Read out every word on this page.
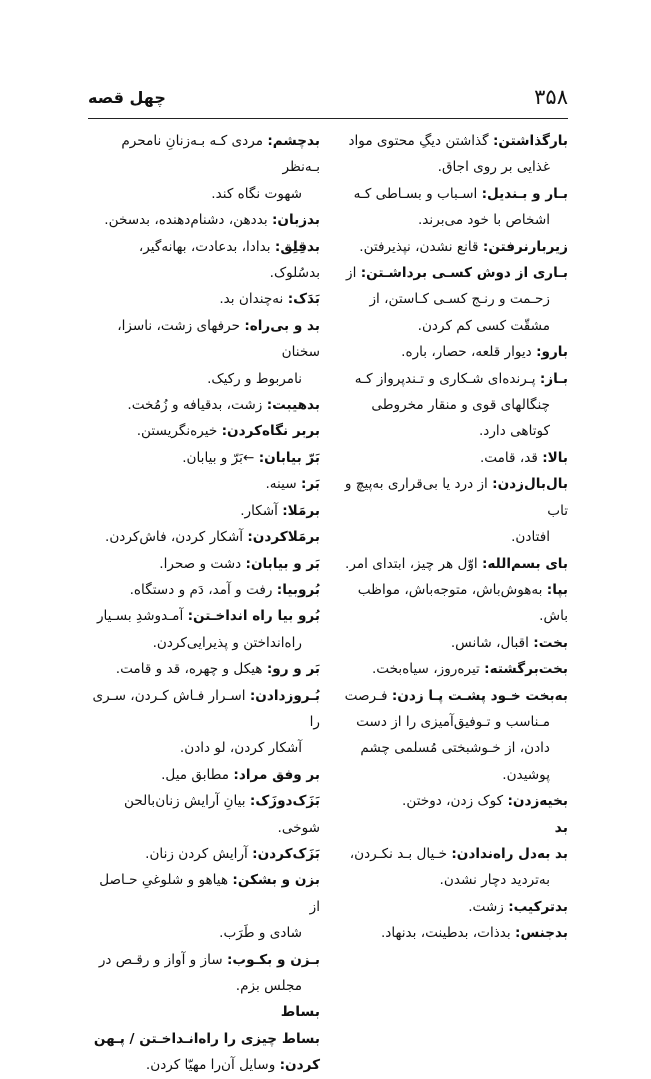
۳۵۸
چهل قصه

بارگذاشتن: گذاشتن دیگِ محتوی مواد
غذایی بر روی اجاق.

بـار و بـندیل: اسـباب و بسـاطی کـه
اشخاص با خود می‌برند.

زیربارنرفتن: قانع نشدن، نپذیرفتن.

بـاری از دوش کسـی برداشـتن: از
زحـمت و رنـج کسـی کـاستن، از مشقّت کسی کم کردن.

بارو: دیوار قلعه، حصار، باره.

بـاز: پـرنده‌ای شـکاری و تـندپرواز کـه
چنگالهای قوی و منقار مخروطی کوتاهی دارد.

بالا: قد، قامت.

بال‌بال‌زدن: از درد یا بی‌قراری به‌پیچ و تاب
افتادن.

بای بسم‌الله: اوّل هر چیز، ابتدای امر.

بپا: به‌هوش‌باش، متوجه‌باش، مواظب باش.

بخت: اقبال، شانس.

بخت‌برگشته: تیره‌روز، سیاه‌بخت.

به‌بخت خـود پشـت پـا زدن: فـرصت
مـناسب و تـوفیق‌آمیزی را از دست دادن، از خـوشبختی مُسلمی چشم پوشیدن.

بخیه‌زدن: کوک زدن، دوختن.

بد

بد به‌دل راه‌ندادن: خـیال بـد نکـردن،
به‌تردید دچار نشدن.

بدترکیب: زشت.

بدجنس: بدذات، بدطینت، بدنهاد.

بدچشم: مردی کـه بـه‌زنانِ نامحرم بـه‌نظر
شهوت نگاه کند.

بدزبان: بددهن، دشنام‌دهنده، بدسخن.

بدقِلِق: بدادا، بدعادت، بهانه‌گیر، بدسُلوک.

بَدَک: نه‌چندان بد.

بد و بی‌راه: حرفهای زشت، ناسزا، سخنان
نامربوط و رکیک.

بدهیبت: زشت، بدقیافه و زُمُخت.

بربر نگاه‌کردن: خیره‌نگریستن.

بَرّ بیابان: ←بَرّ و بیابان.

بَر: سینه.

برمَلا: آشکار.

برمَلاکردن: آشکار کردن، فاش‌کردن.

بَر و بیابان: دشت و صحرا.

بُروبیا: رفت و آمد، دَم و دستگاه.

بُرو بیا راه انداخـتن: آمـدوشدِ بسـیار
راه‌انداختن و پذیرایی‌کردن.

بَر و رو: هیکل و چهره، قد و قامت.

بُـروزدادن: اسـرار فـاش کـردن، سـری را
آشکار کردن، لو دادن.

بر وفق مراد: مطابق میل.

بَزَک‌دوزَک: بیانِ آرایش زنان‌بالحن شوخی.

بَزَک‌کردن: آرایش کردن زنان.

بزن و بشکن: هیاهو و شلوغیِ حـاصل از
شادی و طَرَب.

بـزن و بکـوب: ساز و آواز و رقـص در
مجلس بزم.

بساط

بساط چیزی را راه‌انـداخـتن / پـهن کردن: وسایل آن‌را مهیّا کردن.
